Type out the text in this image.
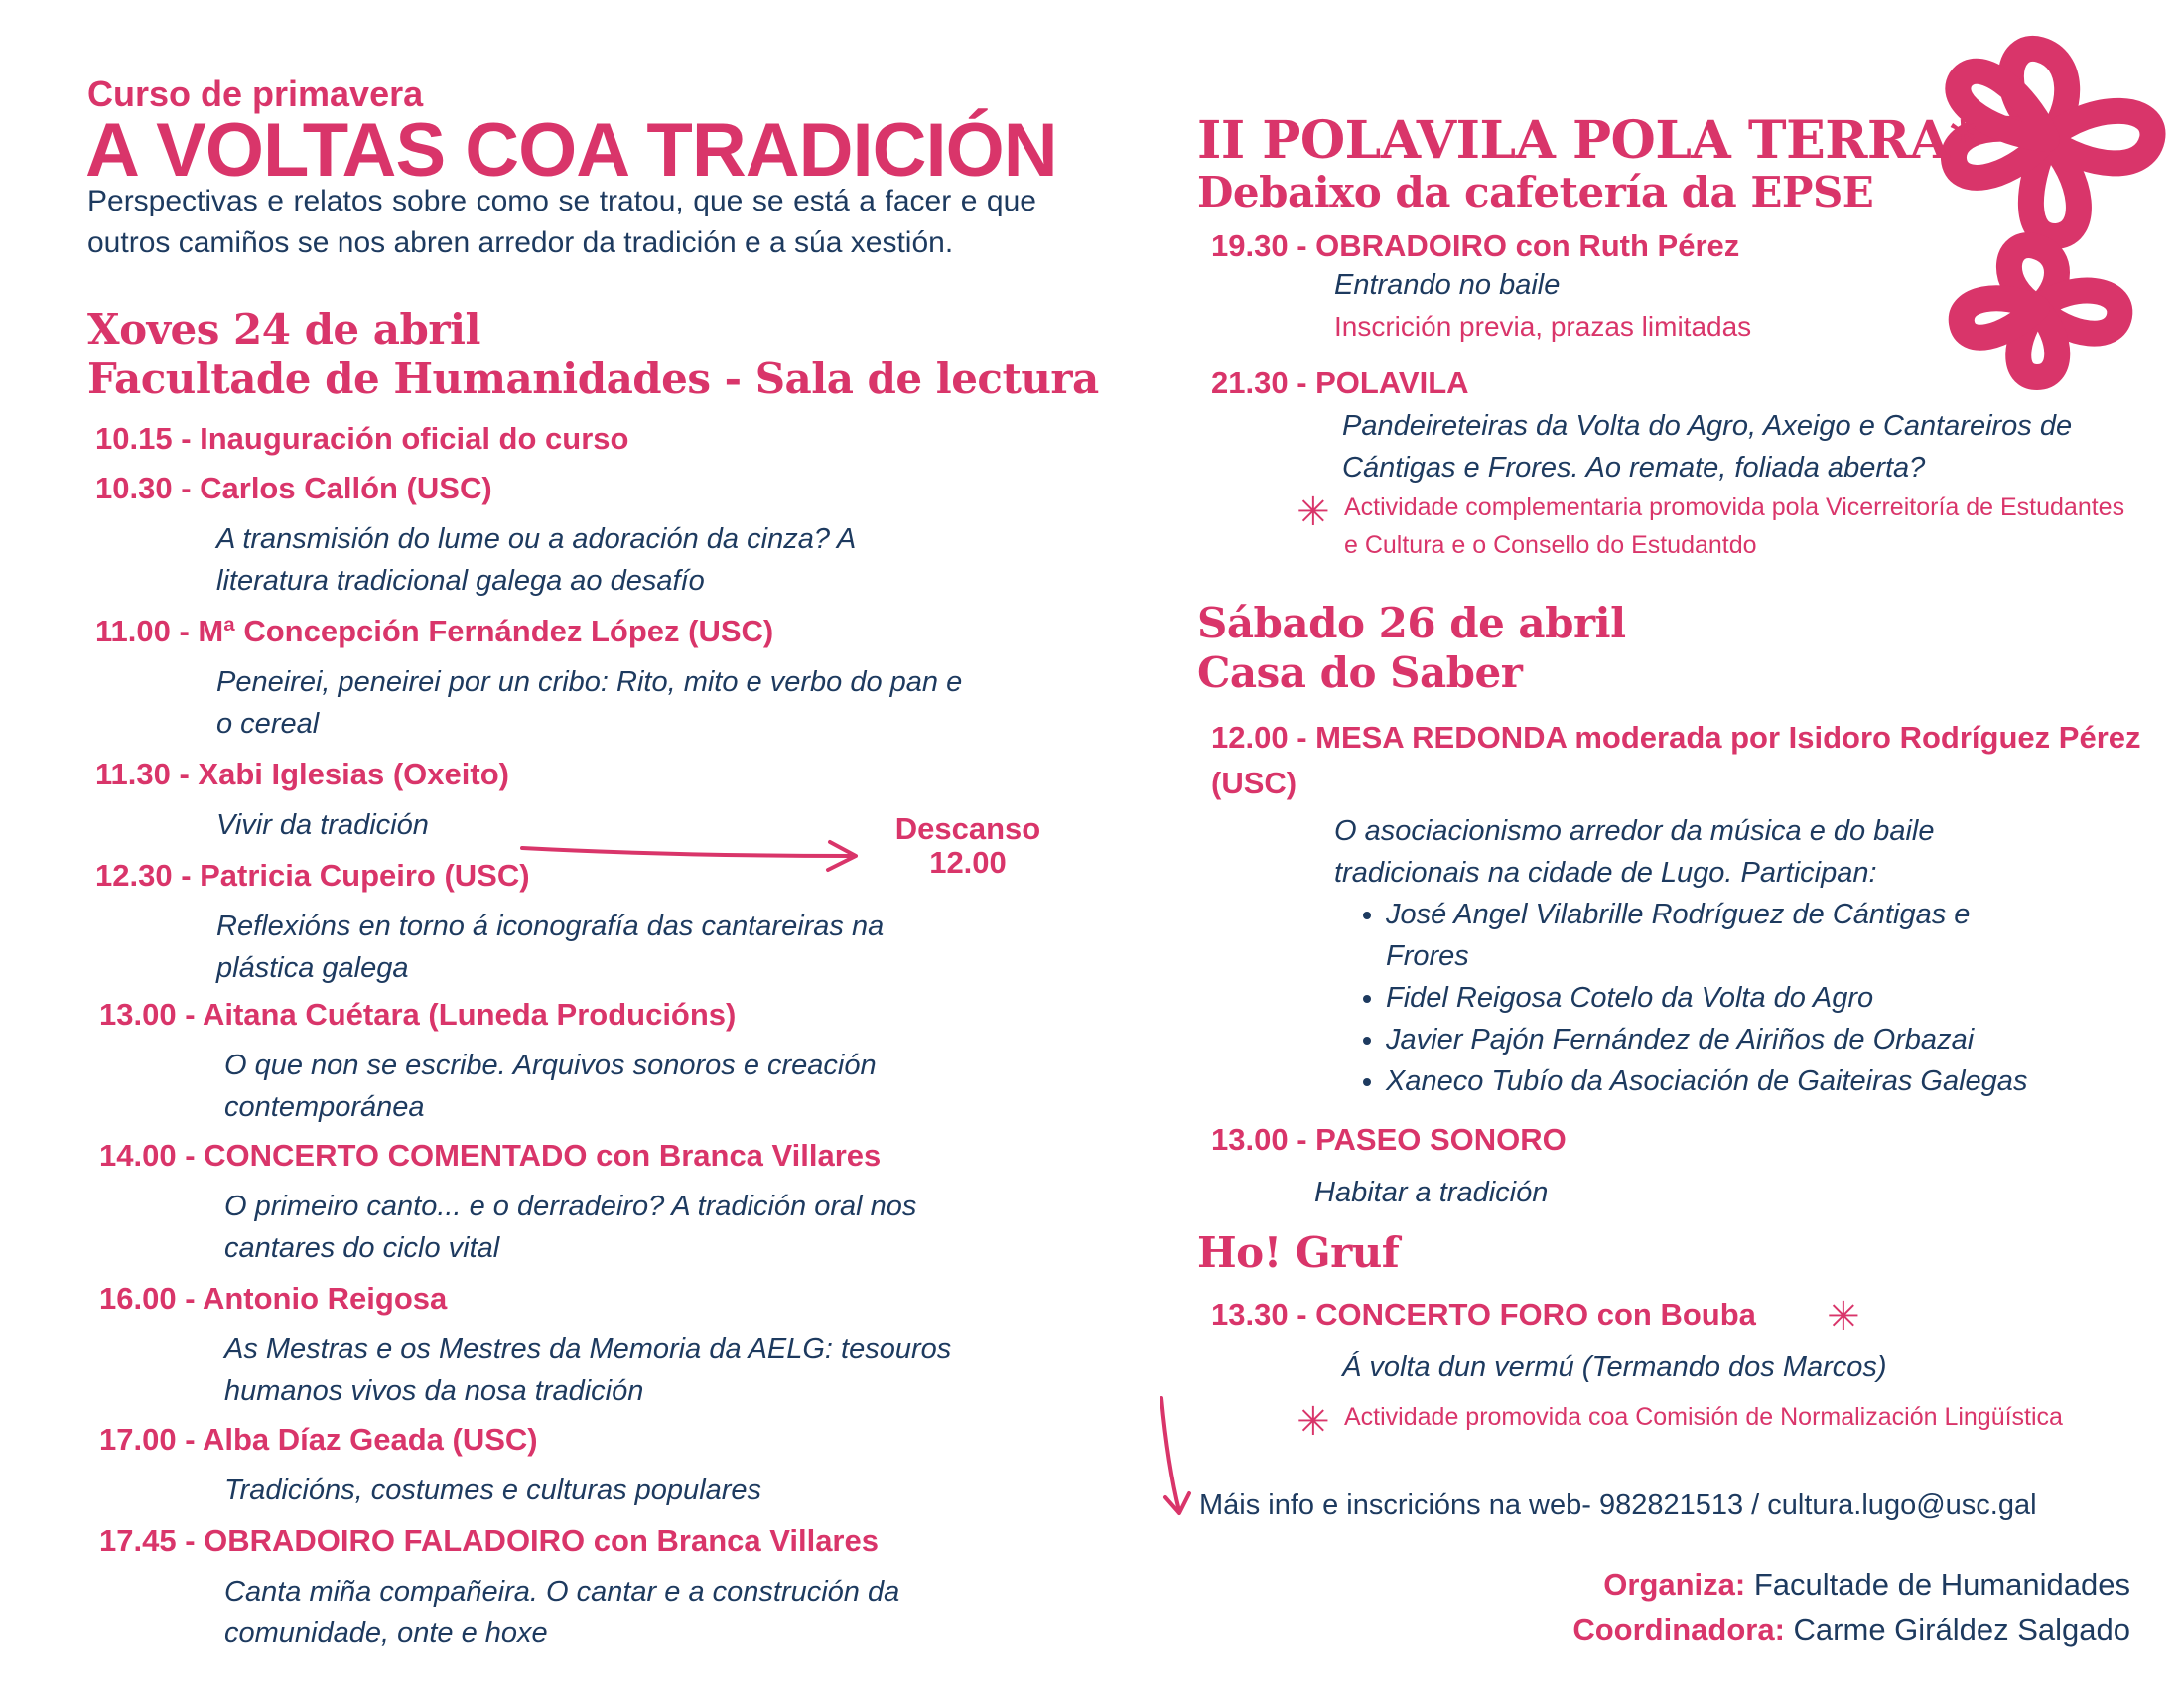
Curso de primavera
A VOLTAS COA TRADICIÓN
Perspectivas e relatos sobre como se tratou, que se está a facer e que outros camiños se nos abren arredor da tradición e a súa xestión.
Xoves 24 de abril
Facultade de Humanidades - Sala de lectura
10.15 - Inauguración oficial do curso
10.30 - Carlos Callón (USC)
A transmisión do lume ou a adoración da cinza? A literatura tradicional galega ao desafío
11.00 - Mª Concepción Fernández López (USC)
Peneirei, peneirei por un cribo: Rito, mito e verbo do pan e o cereal
11.30 - Xabi Iglesias (Oxeito)
Vivir da tradición
12.30 - Patricia Cupeiro (USC)
Reflexións en torno á iconografía das cantareiras na plástica galega
13.00 - Aitana Cuétara (Luneda Producións)
O que non se escribe. Arquivos sonoros e creación contemporánea
14.00 - CONCERTO COMENTADO con Branca Villares
O primeiro canto... e o derradeiro? A tradición oral nos cantares do ciclo vital
16.00 - Antonio Reigosa
As Mestras e os Mestres da Memoria da AELG: tesouros humanos vivos da nosa tradición
17.00 - Alba Díaz Geada (USC)
Tradicións, costumes e culturas populares
17.45 - OBRADOIRO FALADOIRO con Branca Villares
Canta miña compañeira. O cantar e a construción da comunidade, onte e hoxe
Descanso
12.00
II POLAVILA POLA TERRA*
Debaixo da cafetería da EPSE
19.30 - OBRADOIRO con Ruth Pérez
Entrando no baile
Inscrición previa, prazas limitadas
21.30 - POLAVILA
Pandeireteiras da Volta do Agro, Axeigo e Cantareiros de Cántigas e Frores. Ao remate, foliada aberta?
✳ Actividade complementaria promovida pola Vicerreitoría de Estudantes e Cultura e o Consello do Estudantdo
Sábado 26 de abril
Casa do Saber
12.00 - MESA REDONDA moderada por Isidoro Rodríguez Pérez (USC)
O asociacionismo arredor da música e do baile tradicionais na cidade de Lugo. Participan:
• José Angel Vilabrille Rodríguez de Cántigas e Frores
• Fidel Reigosa Cotelo da Volta do Agro
• Javier Pajón Fernández de Airiños de Orbazai
• Xaneco Tubío da Asociación de Gaiteiras Galegas
13.00 - PASEO SONORO
Habitar a tradición
Ho! Gruf
13.30 - CONCERTO FORO con Bouba ✳
Á volta dun vermú (Termando dos Marcos)
✳ Actividade promovida coa Comisión de Normalización Lingüística
Máis info e inscricións na web- 982821513 / cultura.lugo@usc.gal
Organiza: Facultade de Humanidades
Coordinadora: Carme Giráldez Salgado
